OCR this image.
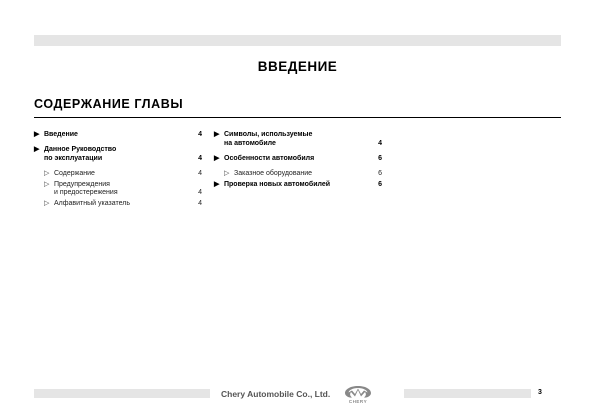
ВВЕДЕНИЕ
СОДЕРЖАНИЕ ГЛАВЫ
▶ Введение	4
▶ Данное Руководство
по эксплуатации	4
▷ Содержание	4
▷ Предупреждения
и предостережения	4
▷ Алфавитный указатель	4
▶ Символы, используемые
на автомобиле	4
▶ Особенности автомобиля	6
▷ Заказное оборудование	6
▶ Проверка новых автомобилей	6
Chery Automobile Co., Ltd.
CHERY
3
